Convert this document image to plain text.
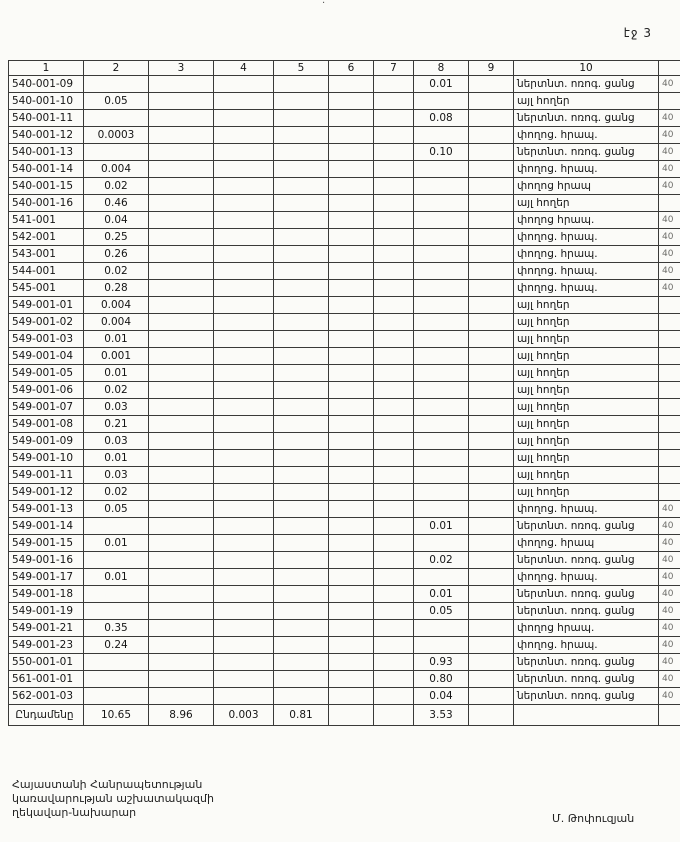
·
էջ 3
1	2	3	4	5	6	7	8	9	10	
540-001-09							0.01		ներտնտ. ոռոգ. ցանց	40
540-001-10	0.05								այլ հողեր	
540-001-11							0.08		ներտնտ. ոռոգ. ցանց	40
540-001-12	0.0003								փողոց. հրապ.	40
540-001-13							0.10		ներտնտ. ոռոգ. ցանց	40
540-001-14	0.004								փողոց. հրապ.	40
540-001-15	0.02								փողոց հրապ	40
540-001-16	0.46								այլ հողեր	
541-001	0.04								փողոց հրապ.	40
542-001	0.25								փողոց. հրապ.	40
543-001	0.26								փողոց. հրապ.	40
544-001	0.02								փողոց. հրապ.	40
545-001	0.28								փողոց. հրապ.	40
549-001-01	0.004								այլ հողեր	
549-001-02	0.004								այլ հողեր	
549-001-03	0.01								այլ հողեր	
549-001-04	0.001								այլ հողեր	
549-001-05	0.01								այլ հողեր	
549-001-06	0.02								այլ հողեր	
549-001-07	0.03								այլ հողեր	
549-001-08	0.21								այլ հողեր	
549-001-09	0.03								այլ հողեր	
549-001-10	0.01								այլ հողեր	
549-001-11	0.03								այլ հողեր	
549-001-12	0.02								այլ հողեր	
549-001-13	0.05								փողոց. հրապ.	40
549-001-14							0.01		ներտնտ. ոռոգ. ցանց	40
549-001-15	0.01								փողոց. հրապ	40
549-001-16							0.02		ներտնտ. ոռոգ. ցանց	40
549-001-17	0.01								փողոց. հրապ.	40
549-001-18							0.01		ներտնտ. ոռոգ. ցանց	40
549-001-19							0.05		ներտնտ. ոռոգ. ցանց	40
549-001-21	0.35								փողոց հրապ.	40
549-001-23	0.24								փողոց. հրապ.	40
550-001-01							0.93		ներտնտ. ոռոգ. ցանց	40
561-001-01							0.80		ներտնտ. ոռոգ. ցանց	40
562-001-03							0.04		ներտնտ. ոռոգ. ցանց	40
Ընդամենը	10.65	8.96	0.003	0.81			3.53			
Հայաստանի Հանրապետության
կառավարության աշխատակազմի
ղեկավար-նախարար	Մ. Թոփուզյան
